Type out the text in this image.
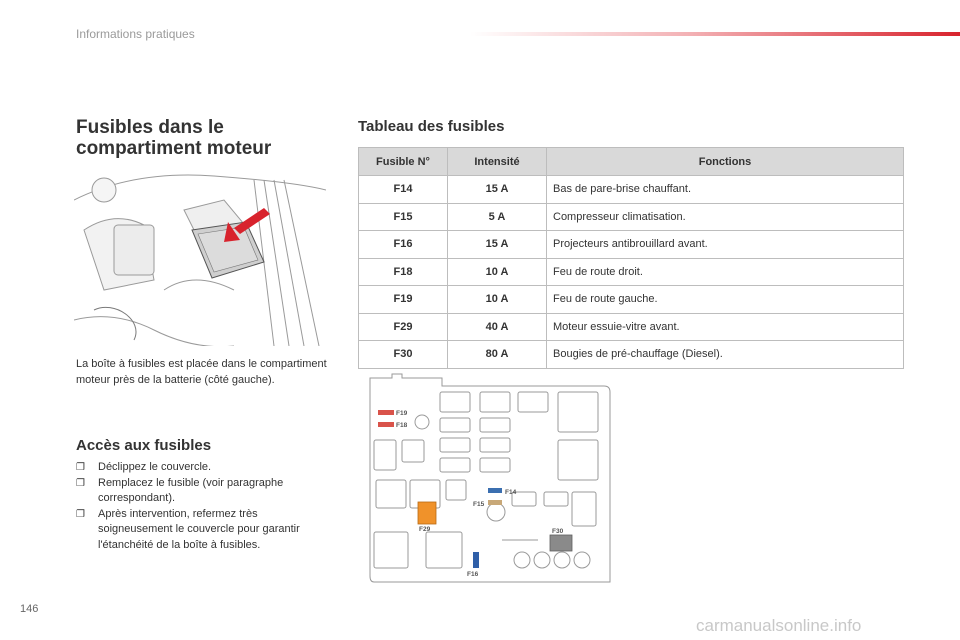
Informations pratiques
Fusibles dans le compartiment moteur

La boîte à fusibles est placée dans le compartiment moteur près de la batterie (côté gauche).

Accès aux fusibles
❐	Déclippez le couvercle.
❐	Remplacez le fusible (voir paragraphe correspondant).
❐	Après intervention, refermez très soigneusement le couvercle pour garantir l'étanchéité de la boîte à fusibles.
Tableau des fusibles
Fusible N°	Intensité	Fonctions
F14	15 A	Bas de pare-brise chauffant.
F15	5 A	Compresseur climatisation.
F16	15 A	Projecteurs antibrouillard avant.
F18	10 A	Feu de route droit.
F19	10 A	Feu de route gauche.
F29	40 A	Moteur essuie-vitre avant.
F30	80 A	Bougies de pré-chauffage (Diesel).
F19
F18
F14
F15
F29	F30
F16
146
carmanualsonline.info
